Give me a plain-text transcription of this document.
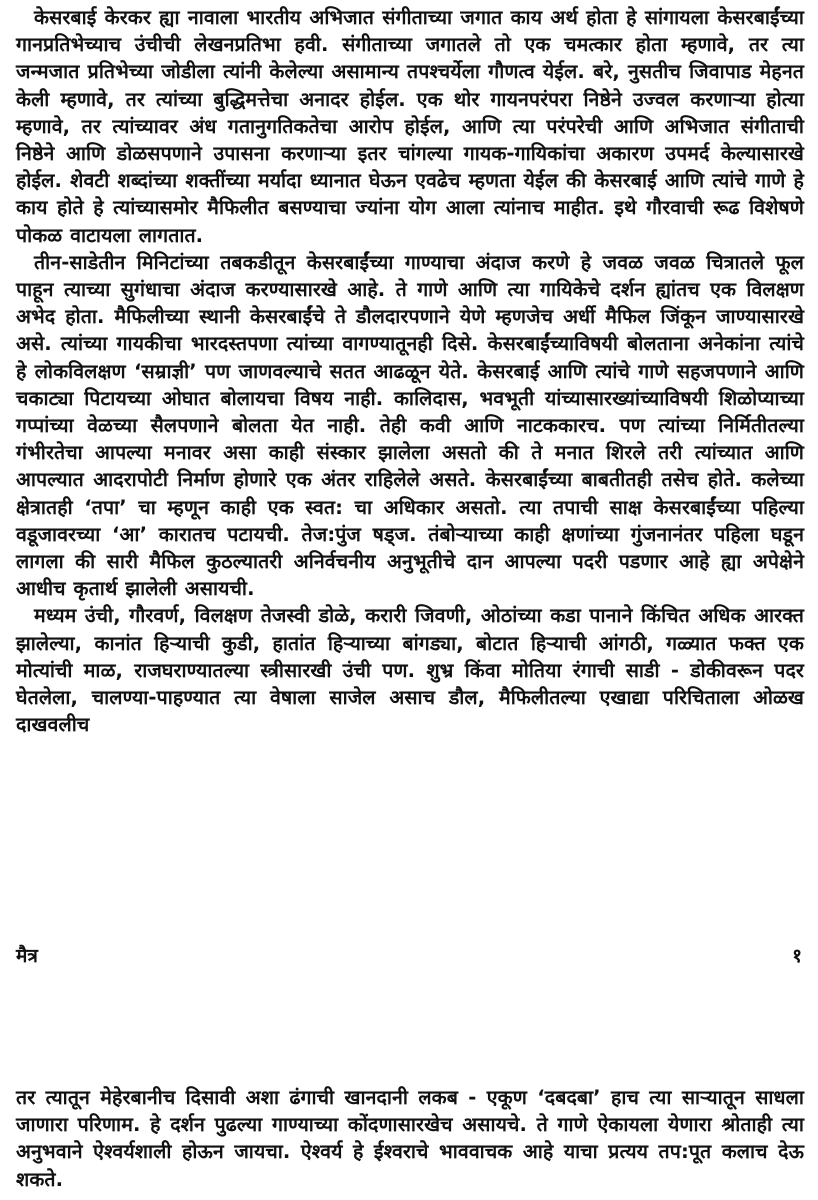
केसरबाई केरकर ह्या नावाला भारतीय अभिजात संगीताच्या जगात काय अर्थ होता हे सांगायला केसरबाईंच्या गानप्रतिभेच्याच उंचीची लेखनप्रतिभा हवी. संगीताच्या जगातले तो एक चमत्कार होता म्हणावे, तर त्या जन्मजात प्रतिभेच्या जोडीला त्यांनी केलेल्या असामान्य तपश्चर्येला गौणत्व येईल. बरे, नुसतीच जिवापाड मेहनत केली म्हणावे, तर त्यांच्या बुद्धिमत्तेचा अनादर होईल. एक थोर गायनपरंपरा निष्ठेने उज्वल करणाऱ्या होत्या म्हणावे, तर त्यांच्यावर अंध गतानुगतिकतेचा आरोप होईल, आणि त्या परंपरेची आणि अभिजात संगीताची निष्ठेने आणि डोळसपणाने उपासना करणाऱ्या इतर चांगल्या गायक-गायिकांचा अकारण उपमर्द केल्यासारखे होईल. शेवटी शब्दांच्या शक्तींच्या मर्यादा ध्यानात घेऊन एवढेच म्हणता येईल की केसरबाई आणि त्यांचे गाणे हे काय होते हे त्यांच्यासमोर मैफिलीत बसण्याचा ज्यांना योग आला त्यांनाच माहीत. इथे गौरवाची रूढ विशेषणे पोकळ वाटायला लागतात.

तीन-साडेतीन मिनिटांच्या तबकडीतून केसरबाईंच्या गाण्याचा अंदाज करणे हे जवळ जवळ चित्रातले फूल पाहून त्याच्या सुगंधाचा अंदाज करण्यासारखे आहे. ते गाणे आणि त्या गायिकेचे दर्शन ह्यांतच एक विलक्षण अभेद होता. मैफिलीच्या स्थानी केसरबाईंचे ते डौलदारपणाने येणे म्हणजेच अर्धी मैफिल जिंकून जाण्यासारखे असे. त्यांच्या गायकीचा भारदस्तपणा त्यांच्या वागण्यातूनही दिसे. केसरबाईंच्याविषयी बोलताना अनेकांना त्यांचे हे लोकविलक्षण ‘सम्राज्ञी’ पण जाणवल्याचे सतत आढळून येते. केसरबाई आणि त्यांचे गाणे सहजपणाने आणि चकाट्या पिटायच्या ओघात बोलायचा विषय नाही. कालिदास, भवभूती यांच्यासारख्यांच्याविषयी शिळोप्याच्या गप्पांच्या वेळच्या सैलपणाने बोलता येत नाही. तेही कवी आणि नाटककारच. पण त्यांच्या निर्मितीतल्या गंभीरतेचा आपल्या मनावर असा काही संस्कार झालेला असतो की ते मनात शिरले तरी त्यांच्यात आणि आपल्यात आदरापोटी निर्माण होणारे एक अंतर राहिलेले असते. केसरबाईंच्या बाबतीतही तसेच होते. कलेच्या क्षेत्रातही ‘तपा’ चा म्हणून काही एक स्वत: चा अधिकार असतो. त्या तपाची साक्ष केसरबाईंच्या पहिल्या वडूजावरच्या ‘आ’ कारातच पटायची. तेज:पुंज षड्ज. तंबोऱ्याच्या काही क्षणांच्या गुंजनानंतर पहिला घडून लागला की सारी मैफिल कुठल्यातरी अनिर्वचनीय अनुभूतीचे दान आपल्या पदरी पडणार आहे ह्या अपेक्षेने आधीच कृतार्थ झालेली असायची.

मध्यम उंची, गौरवर्ण, विलक्षण तेजस्वी डोळे, करारी जिवणी, ओठांच्या कडा पानाने किंचित अधिक आरक्त झालेल्या, कानांत हिऱ्याची कुडी, हातांत हिऱ्याच्या बांगड्या, बोटात हिऱ्याची आंगठी, गळ्यात फक्त एक मोत्यांची माळ, राजघराण्यातल्या स्त्रीसारखी उंची पण. शुभ्र किंवा मोतिया रंगाची साडी - डोकीवरून पदर घेतलेला, चालण्या-पाहण्यात त्या वेषाला साजेल असाच डौल, मैफिलीतल्या एखाद्या परिचिताला ओळख दाखवलीच

मैत्र	१

तर त्यातून मेहेरबानीच दिसावी अशा ढंगाची खानदानी लकब - एकूण ‘दबदबा’ हाच त्या साऱ्यातून साधला जाणारा परिणाम. हे दर्शन पुढल्या गाण्याच्या कोंदणासारखेच असायचे. ते गाणे ऐकायला येणारा श्रोताही त्या अनुभवाने ऐश्वर्यशाली होऊन जायचा. ऐश्वर्य हे ईश्वराचे भाववाचक आहे याचा प्रत्यय तप:पूत कलाच देऊ शकते.
